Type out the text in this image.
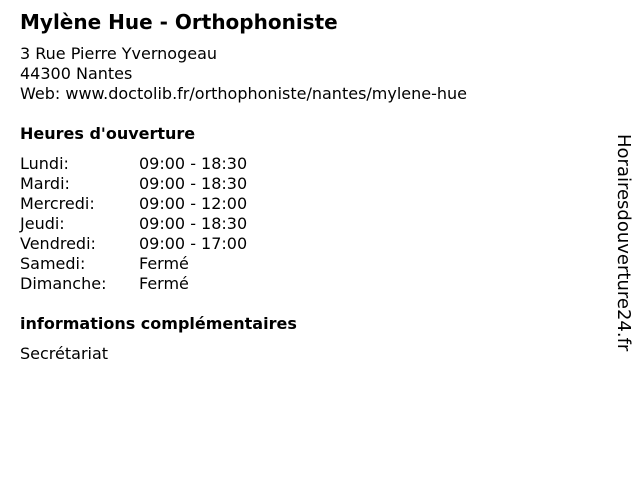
Mylène Hue - Orthophoniste
3 Rue Pierre Yvernogeau
44300 Nantes
Web: www.doctolib.fr/orthophoniste/nantes/mylene-hue
Heures d'ouverture
Lundi:	09:00 - 18:30
Mardi:	09:00 - 18:30
Mercredi:	09:00 - 12:00
Jeudi:	09:00 - 18:30
Vendredi:	09:00 - 17:00
Samedi:	Fermé
Dimanche: Fermé
informations complémentaires
Secrétariat
Horairesdouverture24.fr
